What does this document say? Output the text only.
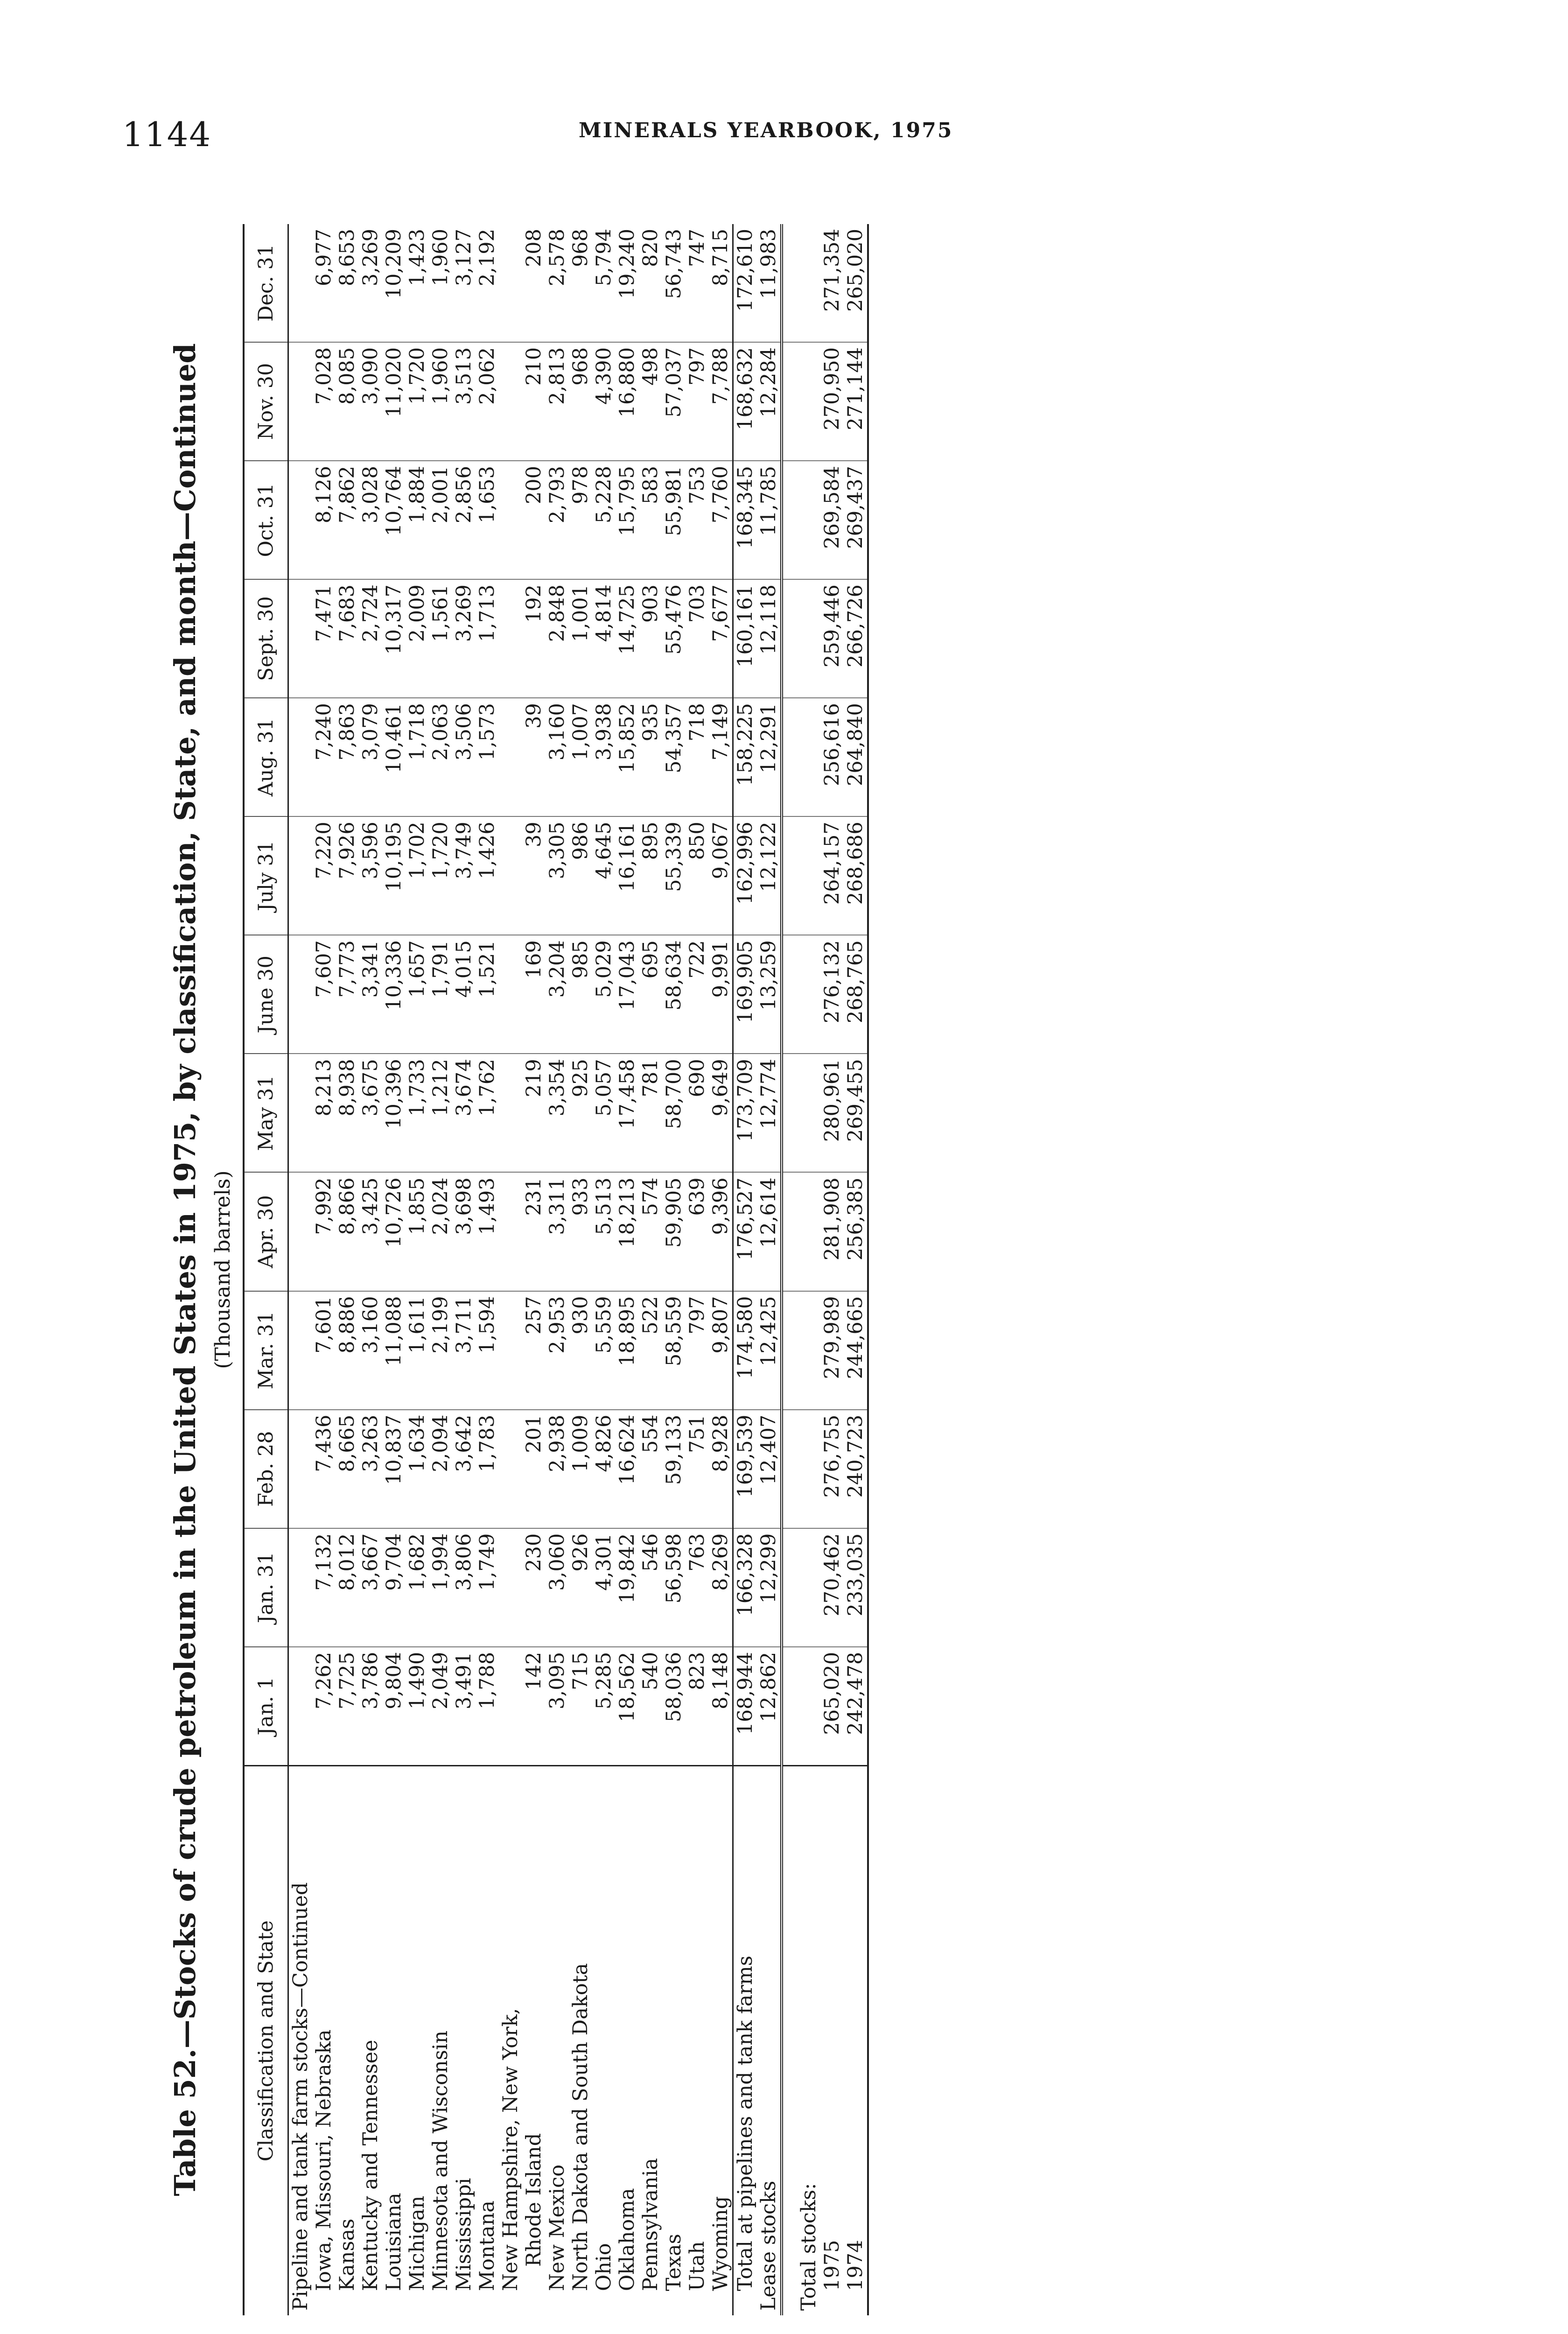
1144	MINERALS YEARBOOK, 1975
Table 52.—Stocks of crude petroleum in the United States in 1975, by classification, State, and month—Continued (Thousand barrels)
Classification and State	Jan. 1	Jan. 31	Feb. 28	Mar. 31	Apr. 30	May 31	June 30	July 31	Aug. 31	Sept. 30	Oct. 31	Nov. 30	Dec. 31
Pipeline and tank farm stocks—Continued													
Iowa, Missouri, Nebraska	7,262	7,132	7,436	7,601	7,992	8,213	7,607	7,220	7,240	7,471	8,126	7,028	6,977
Kansas	7,725	8,012	8,665	8,886	8,866	8,938	7,773	7,926	7,863	7,683	7,862	8,085	8,653
Kentucky and Tennessee	3,786	3,667	3,263	3,160	3,425	3,675	3,341	3,596	3,079	2,724	3,028	3,090	3,269
Louisiana	9,804	9,704	10,837	11,088	10,726	10,396	10,336	10,195	10,461	10,317	10,764	11,020	10,209
Michigan	1,490	1,682	1,634	1,611	1,855	1,733	1,657	1,702	1,718	2,009	1,884	1,720	1,423
Minnesota and Wisconsin	2,049	1,994	2,094	2,199	2,024	1,212	1,791	1,720	2,063	1,561	2,001	1,960	1,960
Mississippi	3,491	3,806	3,642	3,711	3,698	3,674	4,015	3,749	3,506	3,269	2,856	3,513	3,127
Montana	1,788	1,749	1,783	1,594	1,493	1,762	1,521	1,426	1,573	1,713	1,653	2,062	2,192
New Hampshire, New York,													
Rhode Island	142	230	201	257	231	219	169	39	39	192	200	210	208
New Mexico	3,095	3,060	2,938	2,953	3,311	3,354	3,204	3,305	3,160	2,848	2,793	2,813	2,578
North Dakota and South Dakota	715	926	1,009	930	933	925	985	986	1,007	1,001	978	968	968
Ohio	5,285	4,301	4,826	5,559	5,513	5,057	5,029	4,645	3,938	4,814	5,228	4,390	5,794
Oklahoma	18,562	19,842	16,624	18,895	18,213	17,458	17,043	16,161	15,852	14,725	15,795	16,880	19,240
Pennsylvania	540	546	554	522	574	781	695	895	935	903	583	498	820
Texas	58,036	56,598	59,133	58,559	59,905	58,700	58,634	55,339	54,357	55,476	55,981	57,037	56,743
Utah	823	763	751	797	639	690	722	850	718	703	753	797	747
Wyoming	8,148	8,269	8,928	9,807	9,396	9,649	9,991	9,067	7,149	7,677	7,760	7,788	8,715
Total at pipelines and tank farms	168,944	166,328	169,539	174,580	176,527	173,709	169,905	162,996	158,225	160,161	168,345	168,632	172,610
Lease stocks	12,862	12,299	12,407	12,425	12,614	12,774	13,259	12,122	12,291	12,118	11,785	12,284	11,983

Total stocks:													
1975	265,020	270,462	276,755	279,989	281,908	280,961	276,132	264,157	256,616	259,446	269,584	270,950	271,354
1974	242,478	233,035	240,723	244,665	256,385	269,455	268,765	268,686	264,840	266,726	269,437	271,144	265,020
